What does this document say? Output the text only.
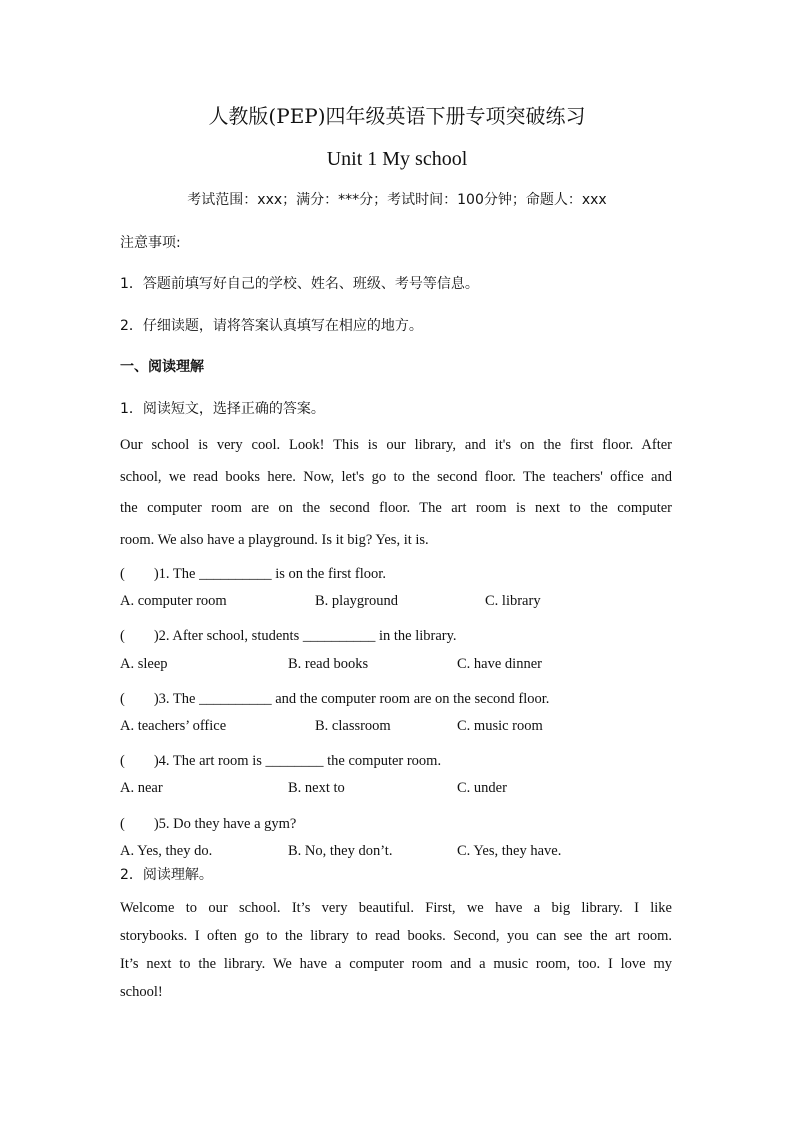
人教版(PEP)四年级英语下册专项突破练习
Unit 1 My school
考试范围：xxx；满分：***分；考试时间：100分钟；命题人：xxx
注意事项:
1．答题前填写好自己的学校、姓名、班级、考号等信息。
2．仔细读题，请将答案认真填写在相应的地方。
一、阅读理解
1．阅读短文，选择正确的答案。
Our school is very cool. Look! This is our library, and it's on the first floor. After
school, we read books here. Now, let's go to the second floor. The teachers' office and
the computer room are on the second floor. The art room is next to the computer
room. We also have a playground. Is it big? Yes, it is.
(　　)1. The __________ is on the first floor.
A. computer room	B. playground	C. library
(　　)2. After school, students __________ in the library.
A. sleep	B. read books	C. have dinner
(　　)3. The __________ and the computer room are on the second floor.
A. teachers’ office	B. classroom	C. music room
(　　)4. The art room is ________ the computer room.
A. near	B. next to	C. under
(　　)5. Do they have a gym?
A. Yes, they do.	B. No, they don’t.	C. Yes, they have.
2．阅读理解。
Welcome to our school. It’s very beautiful. First, we have a big library. I like
storybooks. I often go to the library to read books. Second, you can see the art room.
It’s next to the library. We have a computer room and a music room, too. I love my
school!
